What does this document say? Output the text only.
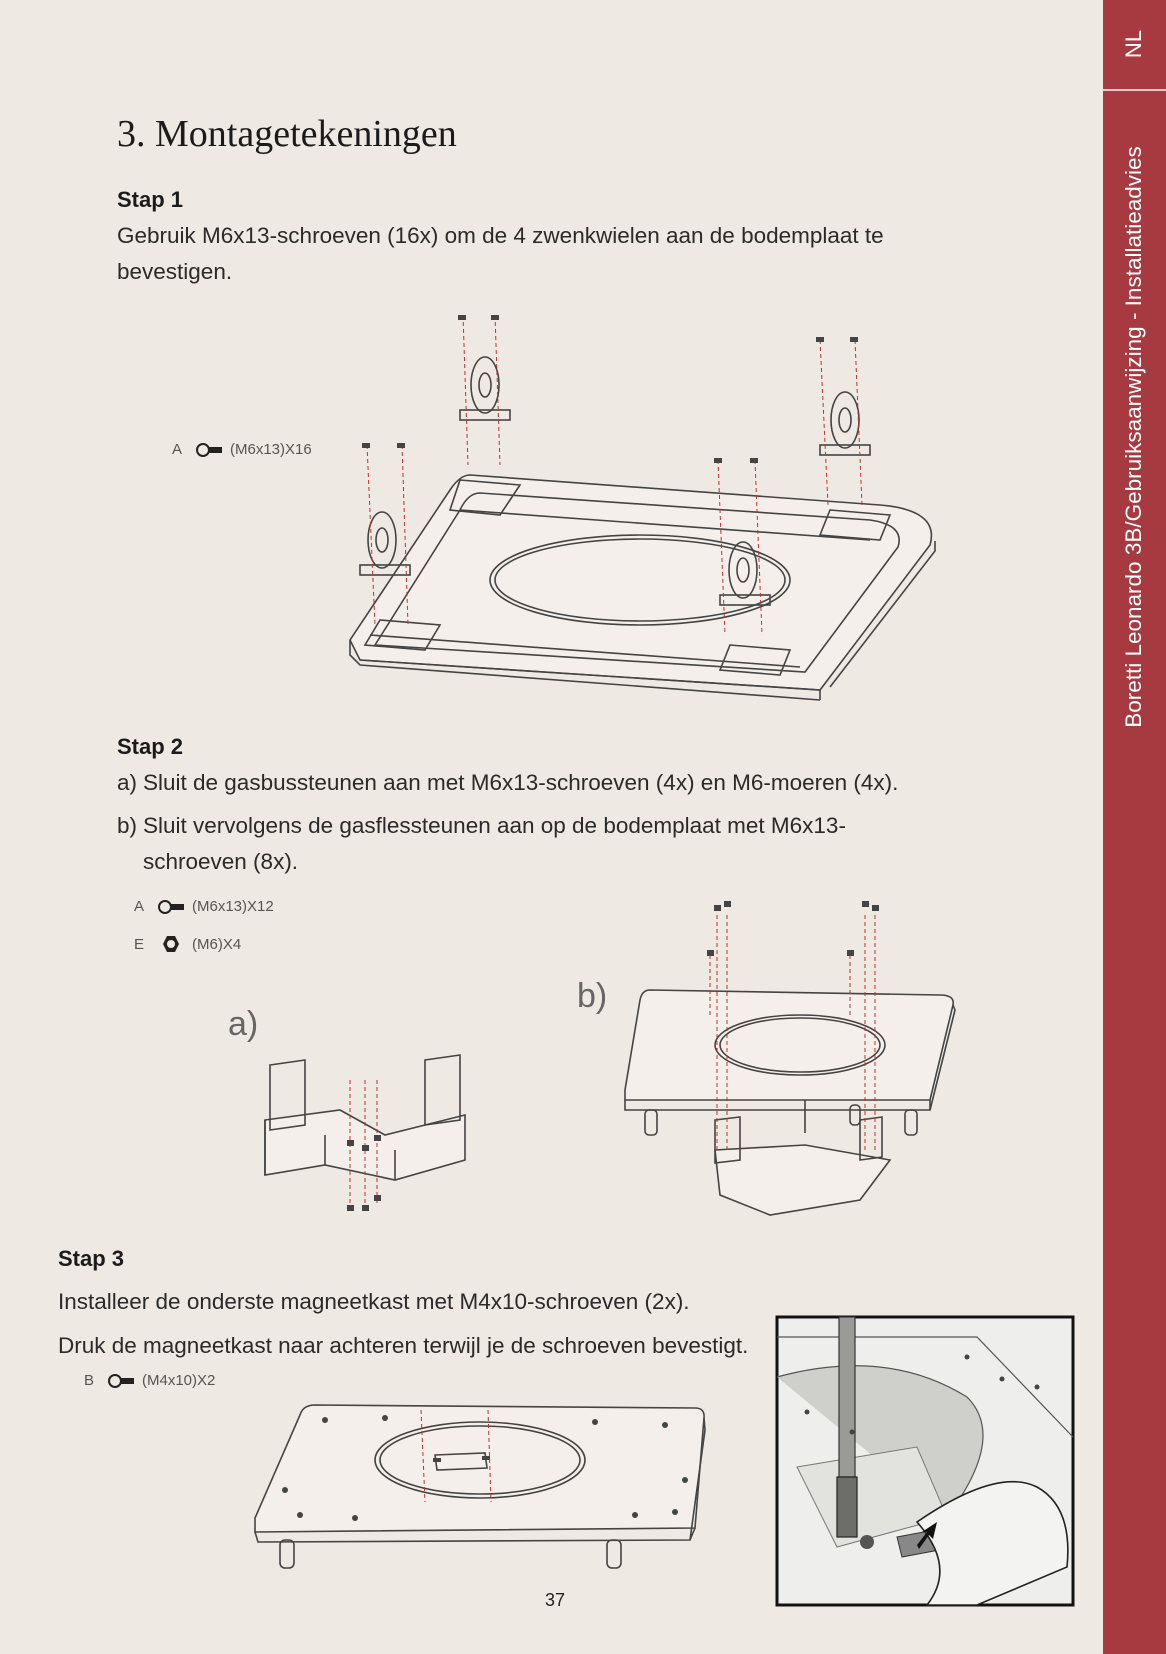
NL
Boretti Leonardo 3B/Gebruiksaanwijzing - Installatieadvies
3. Montagetekeningen
Stap 1
Gebruik M6x13-schroeven (16x) om de 4 zwenkwielen aan de bodemplaat te bevestigen.
A	(M6x13)X16
Stap 2
a) Sluit de gasbussteunen aan met M6x13-schroeven (4x) en M6-moeren (4x).
b) Sluit vervolgens de gasflessteunen aan op de bodemplaat met M6x13-schroeven (8x).
A	(M6x13)X12
E	(M6)X4
a)
b)
Stap 3
Installeer de onderste magneetkast met M4x10-schroeven (2x).
Druk de magneetkast naar achteren terwijl je de schroeven bevestigt.
B	(M4x10)X2
37
